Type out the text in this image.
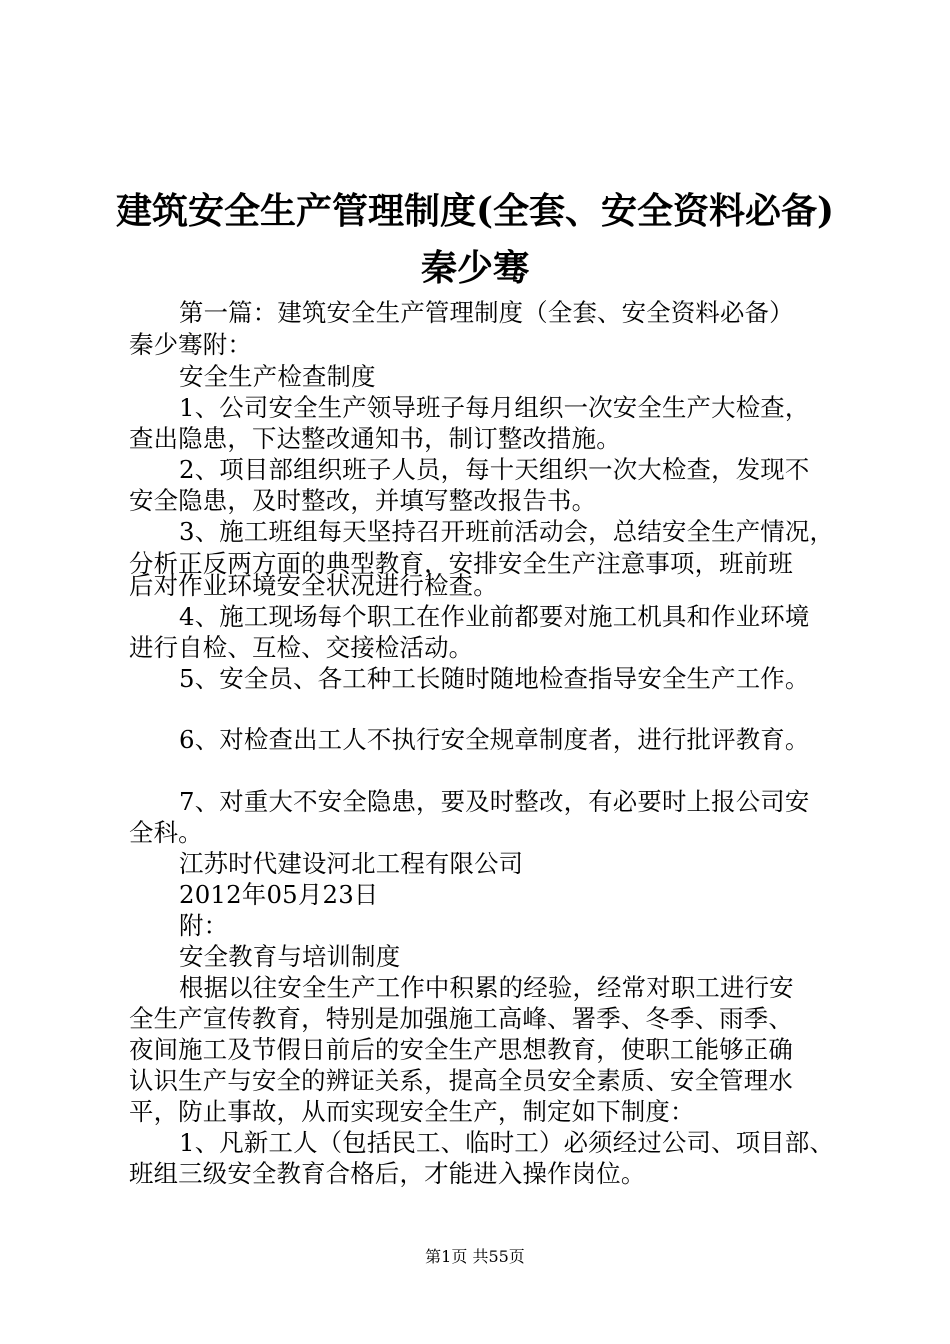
建筑安全生产管理制度(全套、安全资料必备)
秦少骞
第一篇：建筑安全生产管理制度（全套、安全资料必备）
秦少骞附：
安全生产检查制度
1、公司安全生产领导班子每月组织一次安全生产大检查，
查出隐患，下达整改通知书，制订整改措施。
2、项目部组织班子人员，每十天组织一次大检查，发现不
安全隐患，及时整改，并填写整改报告书。
3、施工班组每天坚持召开班前活动会，总结安全生产情况，
分析正反两方面的典型教育，安排安全生产注意事项，班前班
后对作业环境安全状况进行检查。
4、施工现场每个职工在作业前都要对施工机具和作业环境
进行自检、互检、交接检活动。
5、安全员、各工种工长随时随地检查指导安全生产工作。
6、对检查出工人不执行安全规章制度者，进行批评教育。
7、对重大不安全隐患，要及时整改，有必要时上报公司安
全科。
江苏时代建设河北工程有限公司
2012年05月23日
附：
安全教育与培训制度
根据以往安全生产工作中积累的经验，经常对职工进行安
全生产宣传教育，特别是加强施工高峰、署季、冬季、雨季、
夜间施工及节假日前后的安全生产思想教育，使职工能够正确
认识生产与安全的辨证关系，提高全员安全素质、安全管理水
平，防止事故，从而实现安全生产，制定如下制度：
1、凡新工人（包括民工、临时工）必须经过公司、项目部、
班组三级安全教育合格后，才能进入操作岗位。
第1页 共55页
